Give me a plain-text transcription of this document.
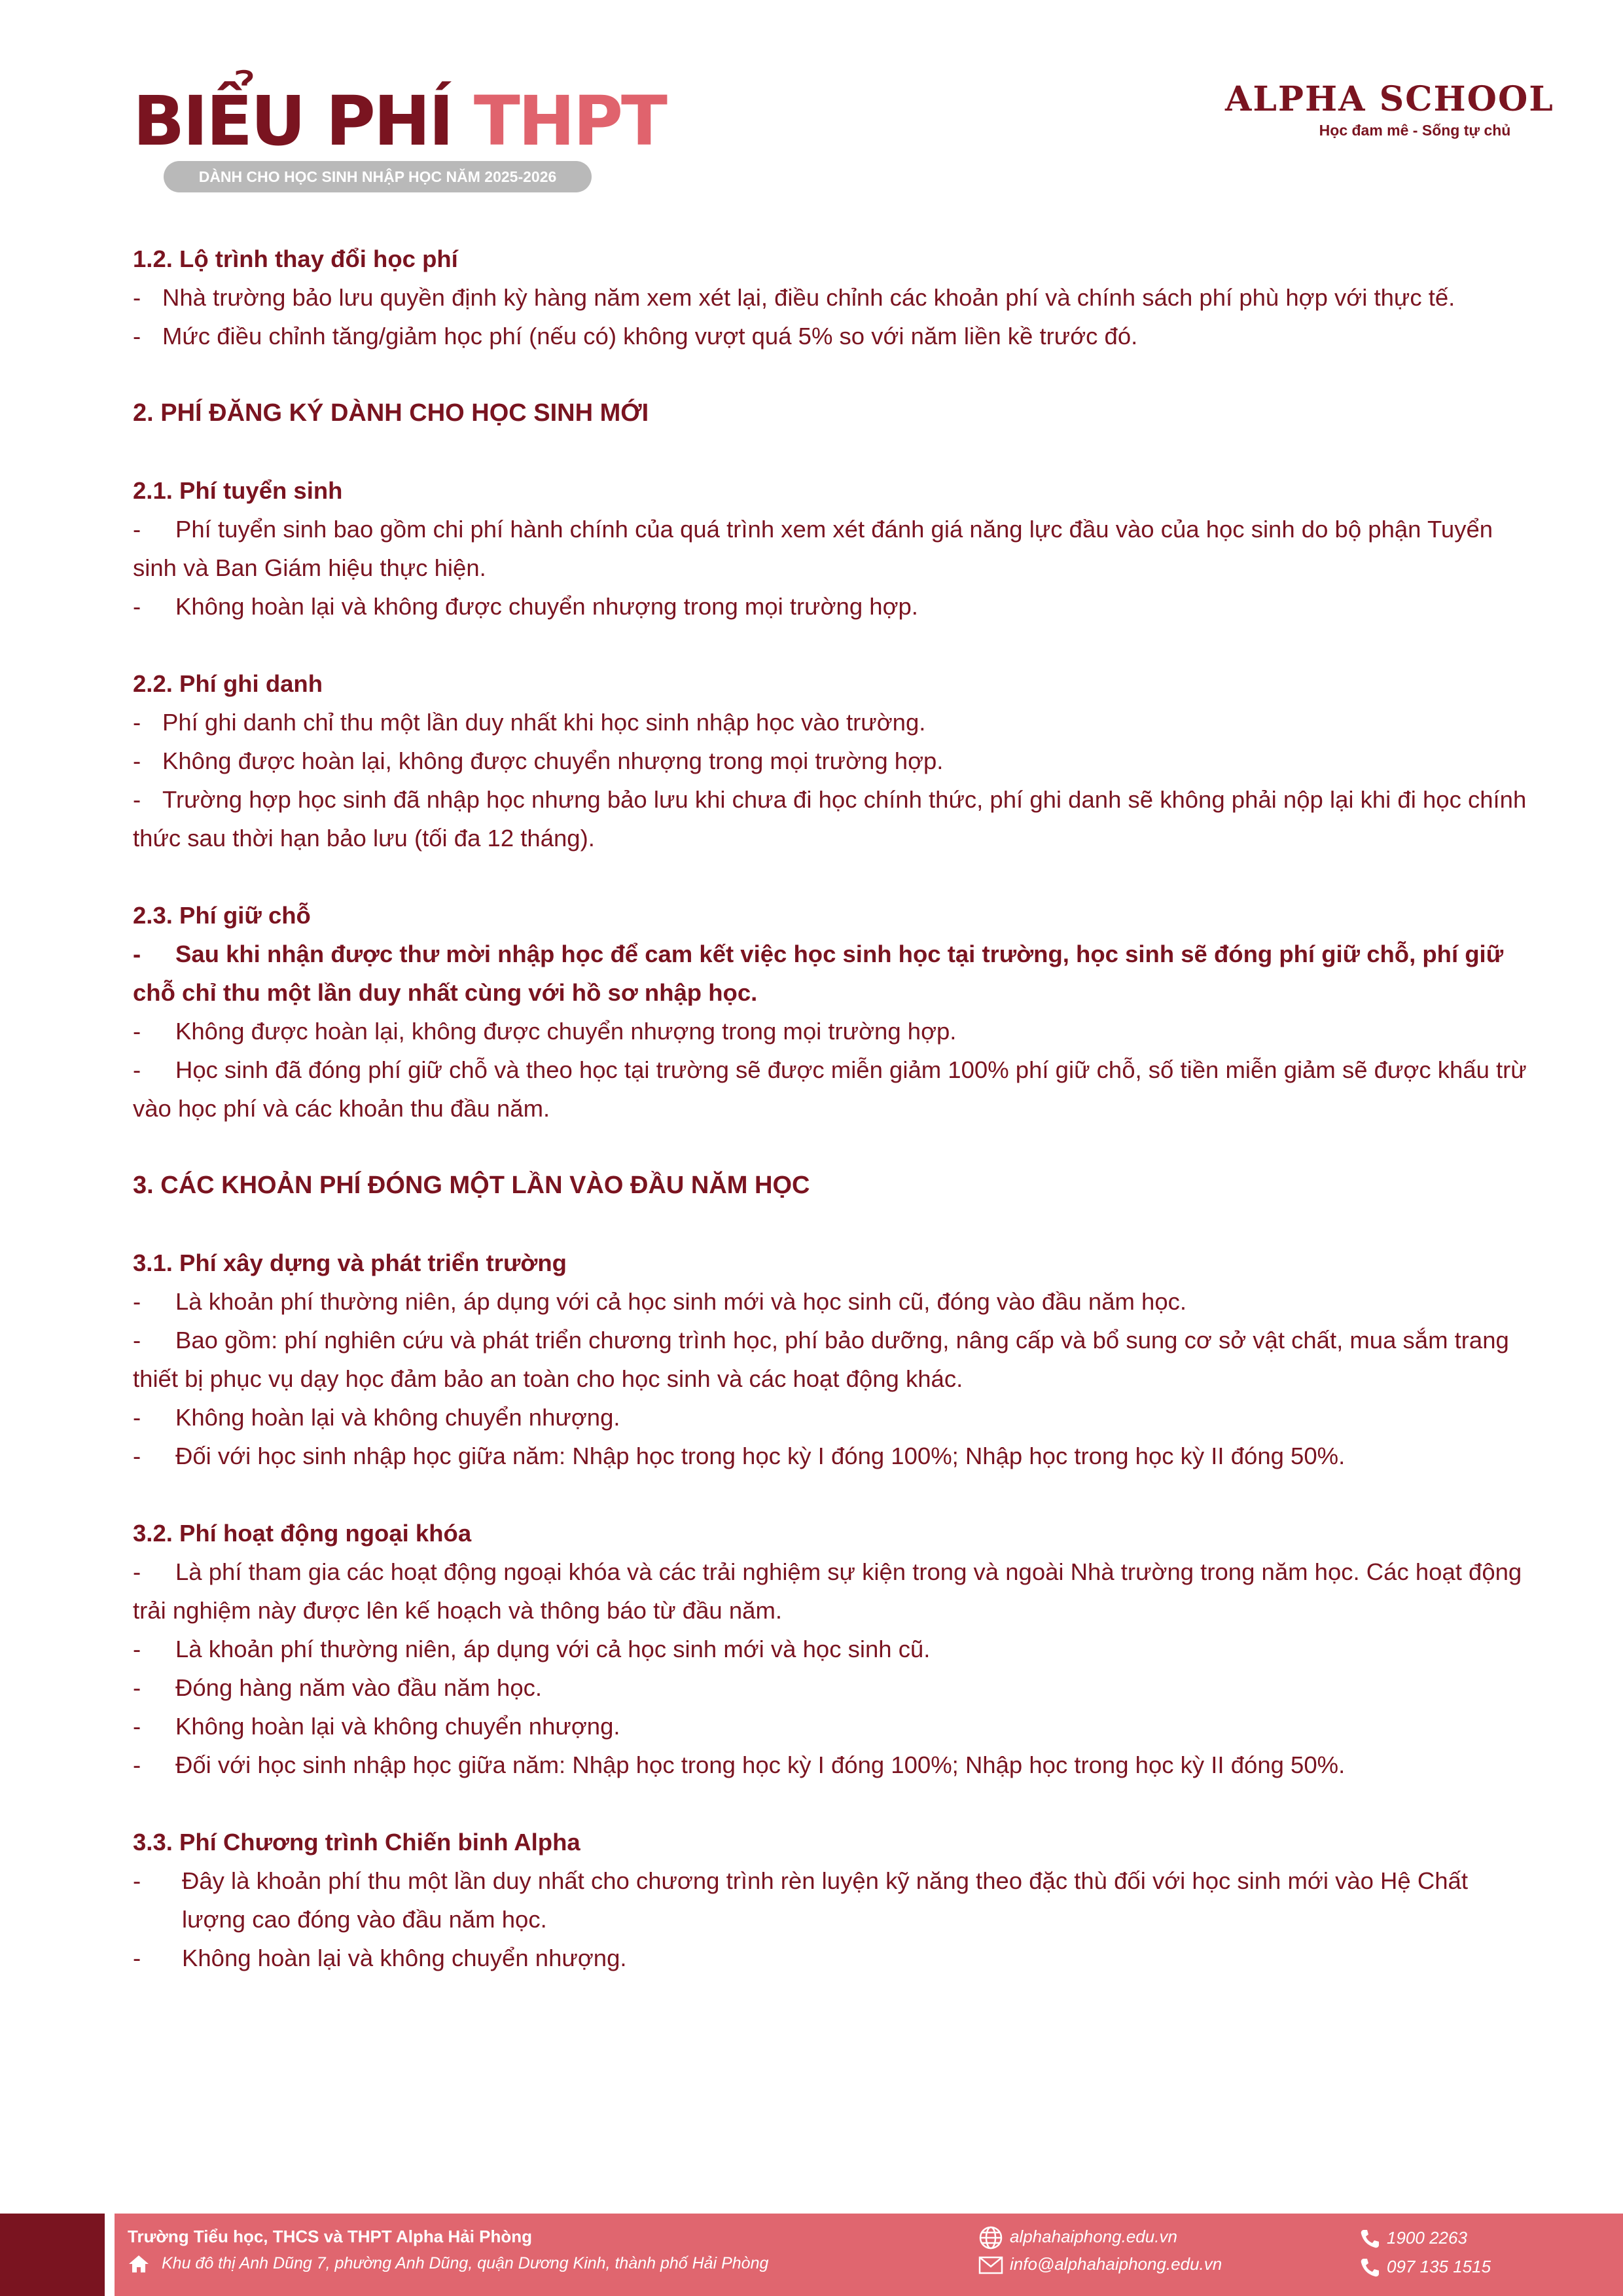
BIỂU PHÍ THPT
DÀNH CHO HỌC SINH NHẬP HỌC NĂM 2025-2026
ALPHA SCHOOL
Học đam mê - Sống tự chủ

1.2. Lộ trình thay đổi học phí

- Nhà trường bảo lưu quyền định kỳ hàng năm xem xét lại, điều chỉnh các khoản phí và chính sách phí phù hợp với thực tế.

- Mức điều chỉnh tăng/giảm học phí (nếu có) không vượt quá 5% so với năm liền kề trước đó.

2. PHÍ ĐĂNG KÝ DÀNH CHO HỌC SINH MỚI

2.1. Phí tuyển sinh

- Phí tuyển sinh bao gồm chi phí hành chính của quá trình xem xét đánh giá năng lực đầu vào của học sinh do bộ phận Tuyển sinh và Ban Giám hiệu thực hiện.

- Không hoàn lại và không được chuyển nhượng trong mọi trường hợp.

2.2. Phí ghi danh

- Phí ghi danh chỉ thu một lần duy nhất khi học sinh nhập học vào trường.

- Không được hoàn lại, không được chuyển nhượng trong mọi trường hợp.

- Trường hợp học sinh đã nhập học nhưng bảo lưu khi chưa đi học chính thức, phí ghi danh sẽ không phải nộp lại khi đi học chính thức sau thời hạn bảo lưu (tối đa 12 tháng).

2.3. Phí giữ chỗ

- Sau khi nhận được thư mời nhập học để cam kết việc học sinh học tại trường, học sinh sẽ đóng phí giữ chỗ, phí giữ chỗ chỉ thu một lần duy nhất cùng với hồ sơ nhập học.

- Không được hoàn lại, không được chuyển nhượng trong mọi trường hợp.

- Học sinh đã đóng phí giữ chỗ và theo học tại trường sẽ được miễn giảm 100% phí giữ chỗ, số tiền miễn giảm sẽ được khấu trừ vào học phí và các khoản thu đầu năm.

3. CÁC KHOẢN PHÍ ĐÓNG MỘT LẦN VÀO ĐẦU NĂM HỌC

3.1. Phí xây dựng và phát triển trường

- Là khoản phí thường niên, áp dụng với cả học sinh mới và học sinh cũ, đóng vào đầu năm học.

- Bao gồm: phí nghiên cứu và phát triển chương trình học, phí bảo dưỡng, nâng cấp và bổ sung cơ sở vật chất, mua sắm trang thiết bị phục vụ dạy học đảm bảo an toàn cho học sinh và các hoạt động khác.

- Không hoàn lại và không chuyển nhượng.

- Đối với học sinh nhập học giữa năm: Nhập học trong học kỳ I đóng 100%; Nhập học trong học kỳ II đóng 50%.

3.2. Phí hoạt động ngoại khóa

- Là phí tham gia các hoạt động ngoại khóa và các trải nghiệm sự kiện trong và ngoài Nhà trường trong năm học. Các hoạt động trải nghiệm này được lên kế hoạch và thông báo từ đầu năm.

- Là khoản phí thường niên, áp dụng với cả học sinh mới và học sinh cũ.

- Đóng hàng năm vào đầu năm học.

- Không hoàn lại và không chuyển nhượng.

- Đối với học sinh nhập học giữa năm: Nhập học trong học kỳ I đóng 100%; Nhập học trong học kỳ II đóng 50%.

3.3. Phí Chương trình Chiến binh Alpha

- Đây là khoản phí thu một lần duy nhất cho chương trình rèn luyện kỹ năng theo đặc thù đối với học sinh mới vào Hệ Chất lượng cao đóng vào đầu năm học.

- Không hoàn lại và không chuyển nhượng.

Trường Tiểu học, THCS và THPT Alpha Hải Phòng
Khu đô thị Anh Dũng 7, phường Anh Dũng, quận Dương Kinh, thành phố Hải Phòng
alphahaiphong.edu.vn
info@alphahaiphong.edu.vn
1900 2263
097 135 1515
